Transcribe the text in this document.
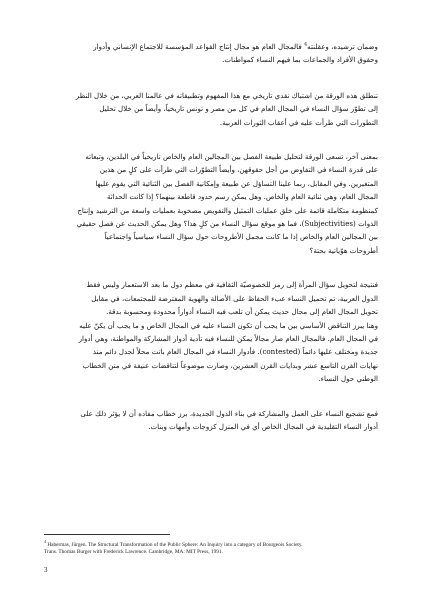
وضمان ترشيده، وعقلنته$^4$ فالمجال العام هو مجال إنتاج القواعد المؤسسة للاجتماع الإنساني وأدوار
وحقوق الأفراد والجماعات بما فيهم النساء كمواطنات.

تنطلق هذه الورقة من اشتباك نقدي تاريخي مع هذا المفهوم وتطبيقاته في عالمنا العربي، من خلال النظر
إلى تطوّر سؤال النساء في المجال العام في كل من مصر و تونس تاريخياً، وأيضاً من خلال تحليل
التطورات التي طرأت عليه في أعقاب الثورات العربية.

بمعنى آخر، تسعى الورقة لتحليل طبيعة الفصل بين المجالين العام والخاص تاريخياً في البلدين، وتبعاته
على قدرة النساء في التفاوض من أجل حقوقهن، وأيضاً التطوّرات التي طرأت على كلٍ من هذين
المتغيرين. وفي المقابل، ربما علينا التساؤل عن طبيعة وإمكانية الفصل بين الثنائية التي يقوم عليها
المجال العام، وهي ثنائية العام والخاص. وهل يمكن رسم حدود قاطعة بينهما؟ إذا كانت الحداثة
كمنظومة متكاملة قائمة على خلق عمليات التمثيل والتفويض مصحوبة بعمليات واسعة من الترشيد وإنتاج
الذوات (Subjectivities)، فما هو موقع سؤال النساء من كلٍ هذا؟ وهل يمكن الحديث عن فصل حقيقي
بين المجالين العام والخاص إذا ما كانت مجمل الأطروحات حول سؤال النساء سياسياً واجتماعياً
أطروحات هوّياتية بحتة؟

فنتيجة لتحويل سؤال المرأة إلى رمز للخصوصيّة الثقافية في معظم دول ما بعد الاستعمار وليس فقط
الدول العربية، تم تحميل النساء عبء الحفاظ على الأصالة والهوية المفترضة للمجتمعات، في مقابل
تحويل المجال العام إلى مجال حديث يمكن أن تلعب فيه النساء أدواراً محدودة ومحسوبة بدقة.
وهنا يبرز التناقض الأساسي بين ما يجب أن تكون النساء عليه في المجال الخاص و ما يجب أن يكنّ عليه
في المجال العام. فالمجال العام صار مجالاً يمكن للنساء فيه تأدية أدوار المشاركة والمواطنة، وهي أدوار
جديدة ومختلف عليها دائماً (contested). فأدوار النساء في المجال العام باتت محلاً لجدل دائم منذ
نهايات القرن التاسع عشر وبدايات القرن العشرين، وصارت موضوعاً لتناقضات عنيفة في متن الخطاب
الوطني حول النساء.

فمع تشجيع النساء على العمل والمشاركة في بناء الدول الجديدة، برز خطاب مفاده أن لا يؤثر ذلك على
أدوار النساء التقليدية في المجال الخاص أي في المنزل كزوجات وأمهات وبنات.

$^4$ Habermas, Jürgen. The Structural Transformation of the Public Sphere: An Inquiry into a category of Bourgeois Society.
Trans. Thomas Burger with Frederick Lawrence. Cambridge, MA: MIT Press, 1991.
3
